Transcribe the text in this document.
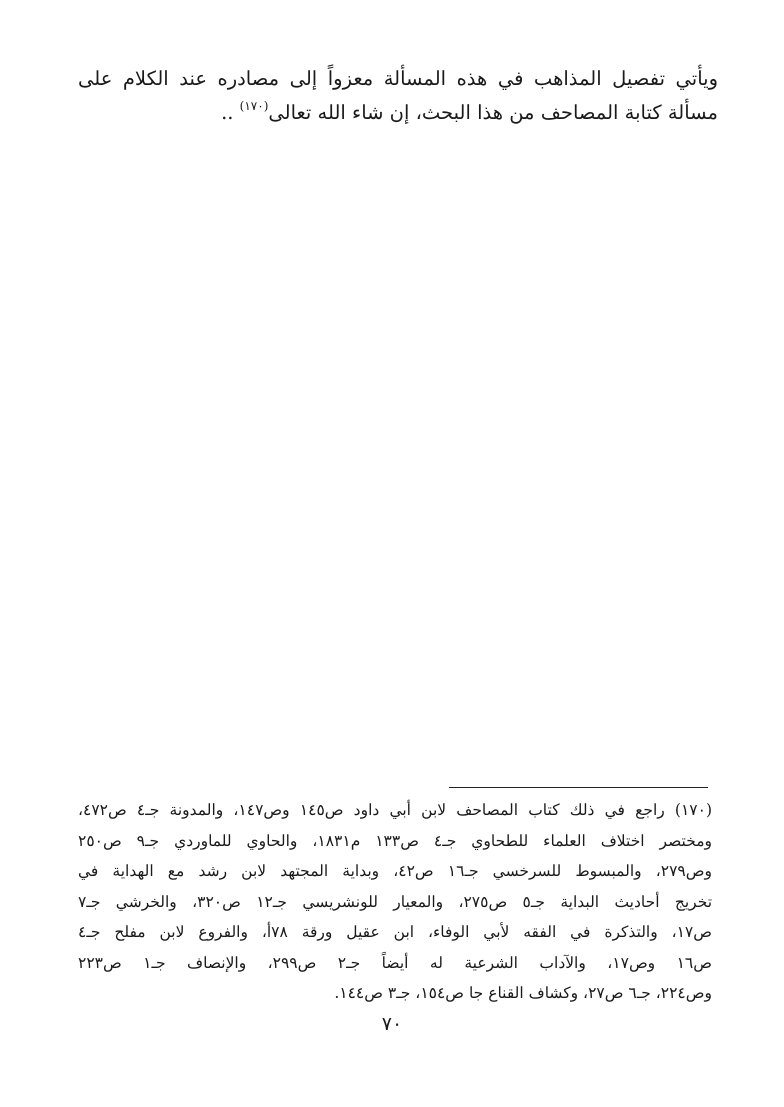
ويأتي تفصيل المذاهب في هذه المسألة معزواً إلى مصادره عند الكلام على
مسألة كتابة المصاحف من هذا البحث، إن شاء الله تعالى$^{(١٧٠)}$ ..

(١٧٠) راجع في ذلك كتاب المصاحف لابن أبي داود ص١٤٥ وص١٤٧، والمدونة جـ٤ ص٤٧٢،
ومختصر اختلاف العلماء للطحاوي جـ٤ ص١٣٣ م١٨٣١، والحاوي للماوردي جـ٩ ص٢٥٠
وص٢٧٩، والمبسوط للسرخسي جـ١٦ ص٤٢، وبداية المجتهد لابن رشد مع الهداية في
تخريج أحاديث البداية جـ٥ ص٢٧٥، والمعيار للونشريسي جـ١٢ ص٣٢٠، والخرشي جـ٧
ص١٧، والتذكرة في الفقه لأبي الوفاء، ابن عقيل ورقة ٧٨أ، والفروع لابن مفلح جـ٤
ص١٦ وص١٧، والآداب الشرعية له أيضاً جـ٢ ص٢٩٩، والإنصاف جـ١ ص٢٢٣
وص٢٢٤، جـ٦ ص٢٧، وكشاف القناع جا ص١٥٤، جـ٣ ص١٤٤.
٧٠
